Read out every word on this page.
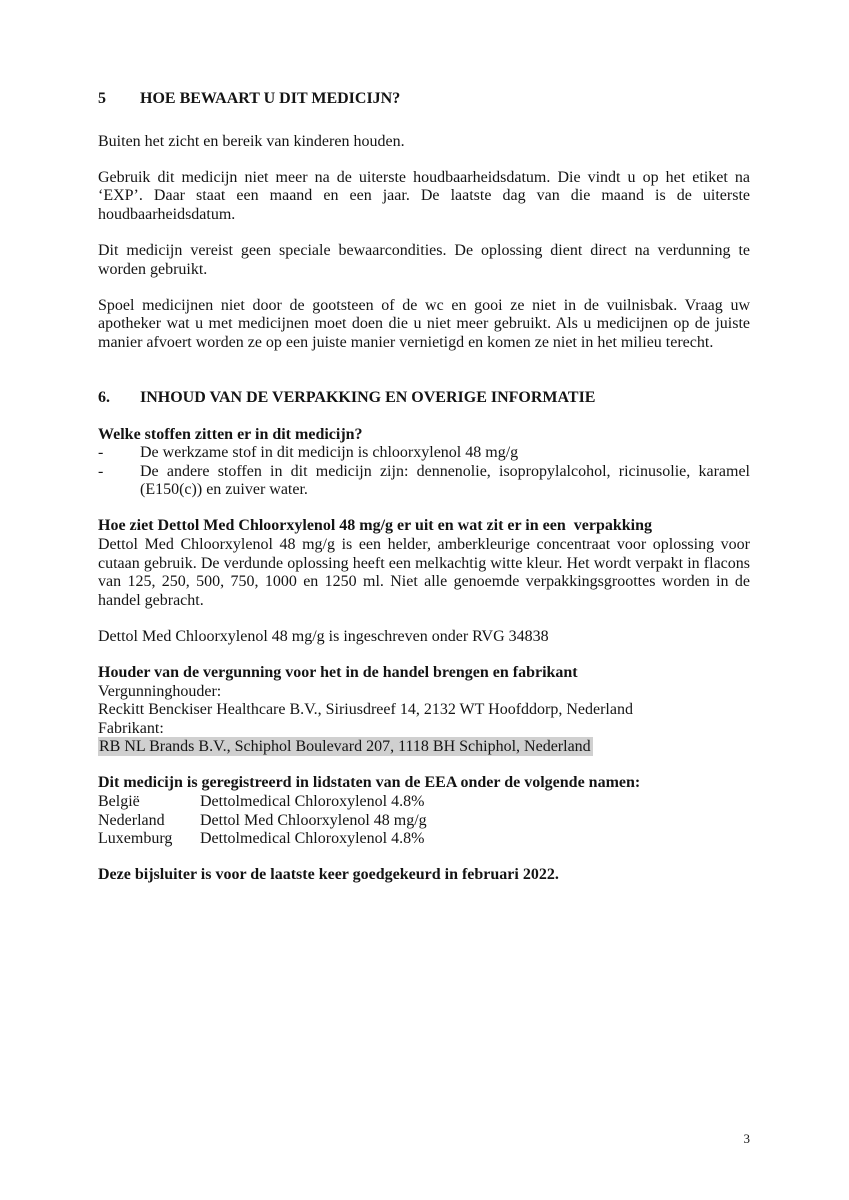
5	HOE BEWAART U DIT MEDICIJN?

Buiten het zicht en bereik van kinderen houden.

Gebruik dit medicijn niet meer na de uiterste houdbaarheidsdatum. Die vindt u op het etiket na ‘EXP’. Daar staat een maand en een jaar. De laatste dag van die maand is de uiterste houdbaarheidsdatum.

Dit medicijn vereist geen speciale bewaarcondities. De oplossing dient direct na verdunning te worden gebruikt.

Spoel medicijnen niet door de gootsteen of de wc en gooi ze niet in de vuilnisbak. Vraag uw apotheker wat u met medicijnen moet doen die u niet meer gebruikt. Als u medicijnen op de juiste manier afvoert worden ze op een juiste manier vernietigd en komen ze niet in het milieu terecht.

6.	INHOUD VAN DE VERPAKKING EN OVERIGE INFORMATIE

Welke stoffen zitten er in dit medicijn?

-	De werkzame stof in dit medicijn is chloorxylenol 48 mg/g
-	De andere stoffen in dit medicijn zijn: dennenolie, isopropylalcohol, ricinusolie, karamel (E150(c)) en zuiver water.

Hoe ziet Dettol Med Chloorxylenol 48 mg/g er uit en wat zit er in een  verpakking

Dettol Med Chloorxylenol 48 mg/g is een helder, amberkleurige concentraat voor oplossing voor cutaan gebruik. De verdunde oplossing heeft een melkachtig witte kleur. Het wordt verpakt in flacons van 125, 250, 500, 750, 1000 en 1250 ml. Niet alle genoemde verpakkingsgroottes worden in de handel gebracht.

Dettol Med Chloorxylenol 48 mg/g is ingeschreven onder RVG 34838

Houder van de vergunning voor het in de handel brengen en fabrikant

Vergunninghouder:

Reckitt Benckiser Healthcare B.V., Siriusdreef 14, 2132 WT Hoofddorp, Nederland

Fabrikant:

RB NL Brands B.V., Schiphol Boulevard 207, 1118 BH Schiphol, Nederland

Dit medicijn is geregistreerd in lidstaten van de EEA onder de volgende namen:

België	Dettolmedical Chloroxylenol 4.8%
Nederland	Dettol Med Chloorxylenol 48 mg/g
Luxemburg	Dettolmedical Chloroxylenol 4.8%

Deze bijsluiter is voor de laatste keer goedgekeurd in februari 2022.

3
